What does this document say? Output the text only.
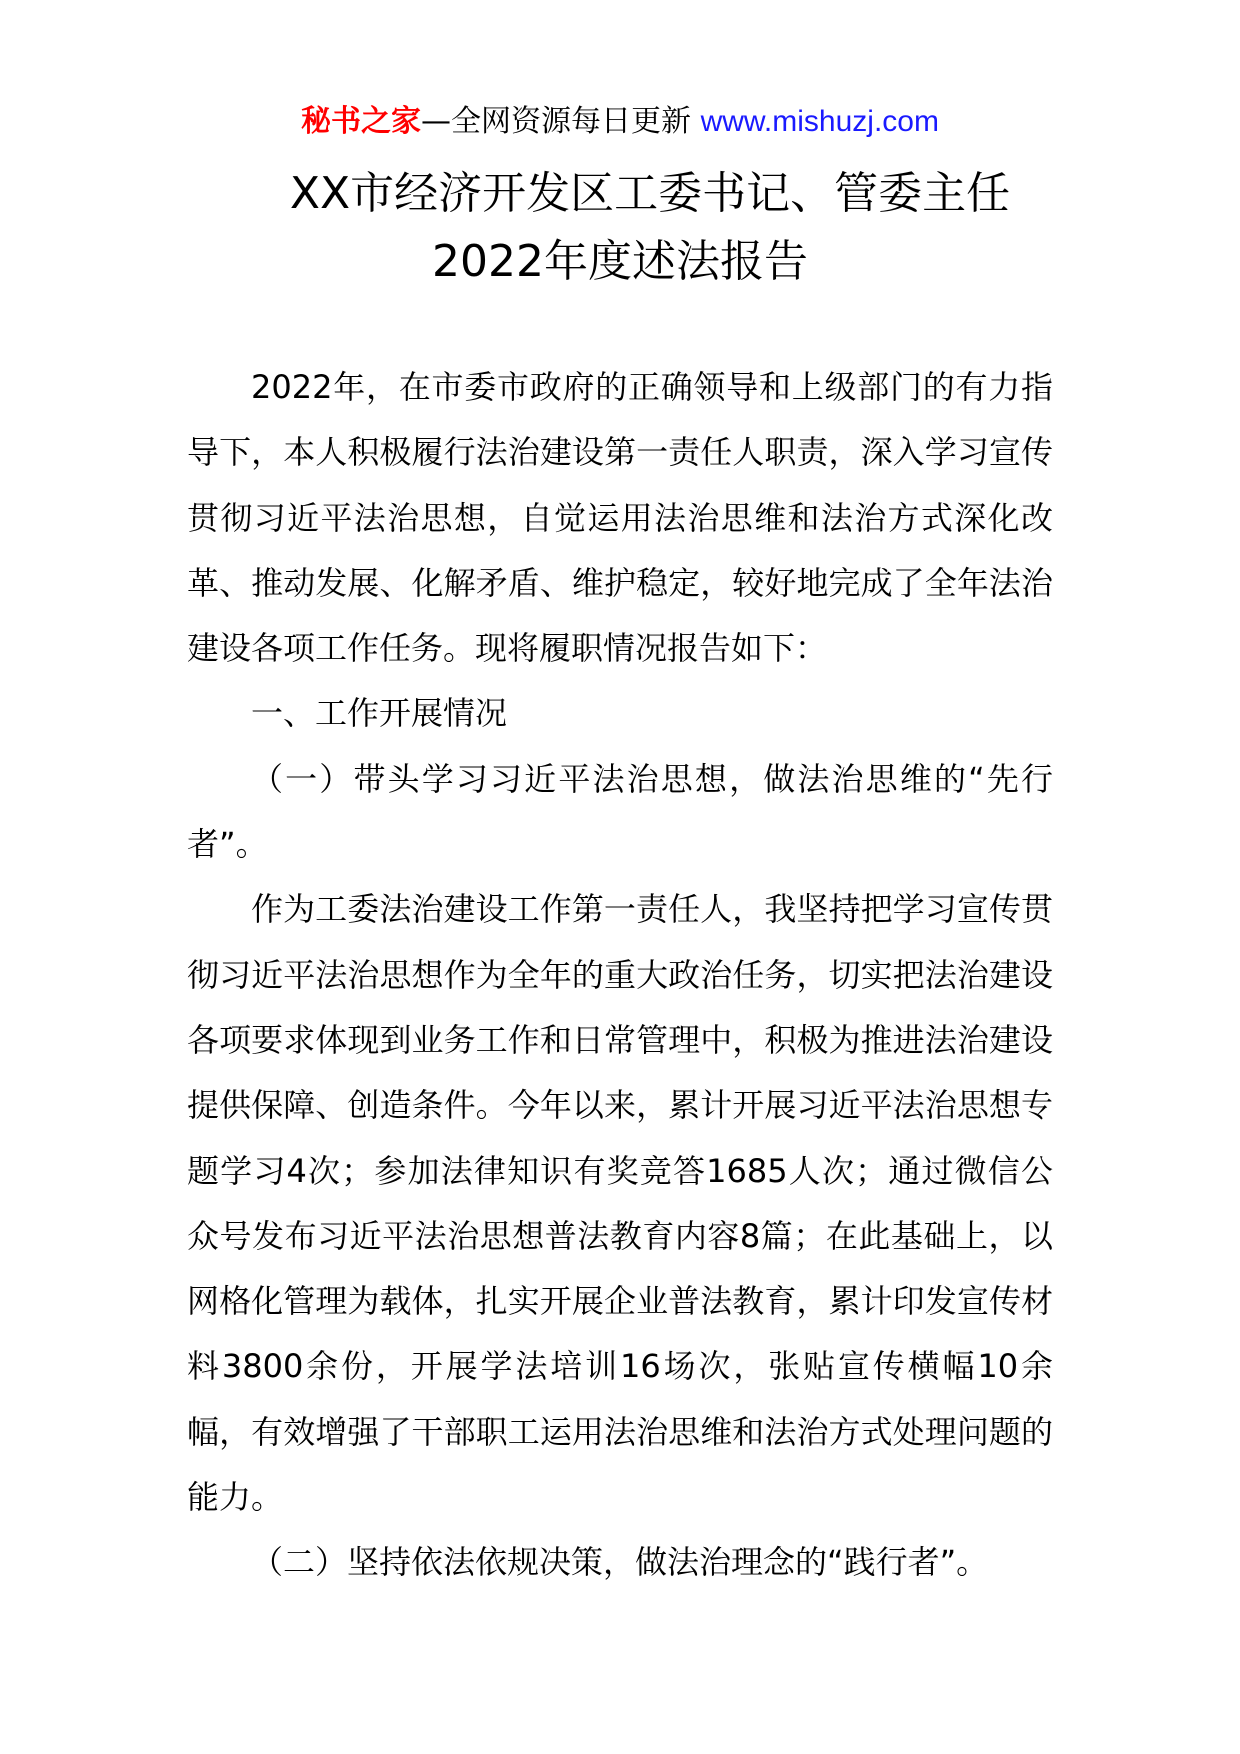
秘书之家—全网资源每日更新 www.mishuzj.com
XX市经济开发区工委书记、管委主任
2022年度述法报告

2022年，在市委市政府的正确领导和上级部门的有力指导下，本人积极履行法治建设第一责任人职责，深入学习宣传贯彻习近平法治思想，自觉运用法治思维和法治方式深化改革、推动发展、化解矛盾、维护稳定，较好地完成了全年法治建设各项工作任务。现将履职情况报告如下：

一、工作开展情况

（一）带头学习习近平法治思想，做法治思维的“先行者”。

作为工委法治建设工作第一责任人，我坚持把学习宣传贯彻习近平法治思想作为全年的重大政治任务，切实把法治建设各项要求体现到业务工作和日常管理中，积极为推进法治建设提供保障、创造条件。今年以来，累计开展习近平法治思想专题学习4次；参加法律知识有奖竞答1685人次；通过微信公众号发布习近平法治思想普法教育内容8篇；在此基础上，以网格化管理为载体，扎实开展企业普法教育，累计印发宣传材料3800余份，开展学法培训16场次，张贴宣传横幅10余幅，有效增强了干部职工运用法治思维和法治方式处理问题的能力。

（二）坚持依法依规决策，做法治理念的“践行者”。
